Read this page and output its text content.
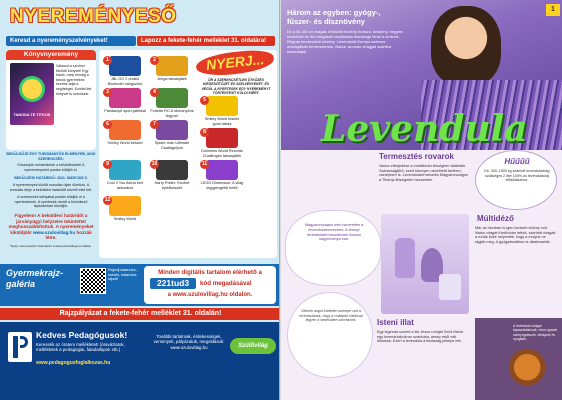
NYEREMÉNYESŐ
Keresd a nyereményszelvényeket!	Lapozz a fekete-fehér melléklet 31. oldalára!
Könyvnyeremény
TANODA TE TITKOS
Válaszd a szívhez fűződő könyvet! Egy kiadó, mely mindig a tanuló gyermekek kezébe adja a segítséget. Ezúttal két könyvet is sorsolunk.
BEKÜLDŐJE EGY TUDOMÁNYÖS ÉLMÉNYRE, AKIK SZERENCSÉS:
Köszönjük mindenkinek a beküldéseket! A nyereményeket postán küldjük ki.
BEKÜLDÉSI HATÁRIDŐ: 2021. MÁRCIUS 5.
A nyeremények között sorsolás útján döntünk. A sorsolás ideje a beküldési határidőt követő első hét.
A szerencsés kártyákat postán küldjük el a nyerteseknek. A nyertesek neveit a következő lapszámban közöljük.
Figyelem! A beküldési határidőt a járványügyi helyzetre tekintettel meghosszabbítottuk. A nyereményeket kiküldjük! www.szuloviIlag.hu hozzák létre.
*Nyerj most poszter! Jelentkezz a www.szuloviIlag.hu oldalon.
NYERJ...
ŐR A SZERENCSÉTLEN ÜTKÖZÉS KIEGÉSZÍTŐJÉT ÉS SZELVÉNYEKET. ÉS VÉGÜL A NYERTESEK EGY NYEREMÉNYT TÖRTÉNTESÍT KÜLDI KIÉRT.
1
JBL GO 2 vízálló Bluetooth hangszóró
2
Jenga társasjáték
3
Pandacipő sport-játékkal
4
Fortnite RC-6 távirányítós fegyver
5
Smiley World tüskés gumi-labda
6
Smiley World készlet
7
Spider-man Ultimate Csatlagolyós
8
Guinness World Records Challenges társasjáték
9
Cool 2 You Aloha kert dekoráció
10
Harry Potter: Roxfort építőkészlet
11
LEGO Dimension: A világ leggyengébb betűi
12
Smiley World
Gyermekrajz-galéria
Rajzolj kalandos, mesés, kalandos rajzot!
Minden digitális tartalom elérhető a
221tud3	kód megadásával
a www.szuloviIlag.hu oldalon.
Rajzpályázat a fekete-fehér melléklet 31. oldalán!
Kedves Pedagógusok!
Keressék az óraterv mellékletet! (óravázlatok, mellékletek a pedagogiai, faladatlapok stb.)
www.pedagogusfoglalkozas.hu
További tartalmak, érdekességek, versenyek, pályázatok, megoldások: www.szuloviIlag.hu	Szülővilág
1
Három az egyben: gyógy-, fűszer- és dísznövény
Ez a 40–60 cm magas örökzöld növény hosszú, keskeny, hegyes leveleivel és lila virágaival csodálatos ékessége lehet a kertnek. Régóta termesztett növény. Levendulát Európa számos országában termesztenek. Illatos, aromás virágjait szárítva használják.
Levendula
Hűűűű
Kb. 300–1500 kg szárított levendulavirág szükséges 2 liter 100%-os levendulaolaj előállításához.
Termesztés rovarok
Vadon elterjedése a mediterrán térségben található. Szárazságtűrő, ezért könnyen nevelhető kertben, cserépben is. Levendulatermesztés Magyarországon a Tihanyi-félszigeten nevezetes.
Magyarországon nem ismeretlen a levendulatermesztés. A tihanyi levendulatermesztésnek hosszú hagyománya van.
Múltidéző
Már az ókorban is igen kedvelt növény volt. Illatos virágát fürdővízbe tették, szárított virágait a ruhák közé helyezték, hogy a molyok ne rágják meg. A gyógyászatban is alkalmazták.
Vitézek angol ködében szerepe volt a levendulának, hogy a csillapító hatással legyen a sebesülten szíveiknek.	Isteni illat
Egy legenda szerint a kis Jézus ruháját Szűz Mária egy levendulabokron szárította, amely ettől vált illatossá. Ezért a levendula a tisztaság jelképe lett.
A levendula virágai tapasztalatosak, nincs igazán szúnyogriasztó, bőrápoló és nyugtató.
